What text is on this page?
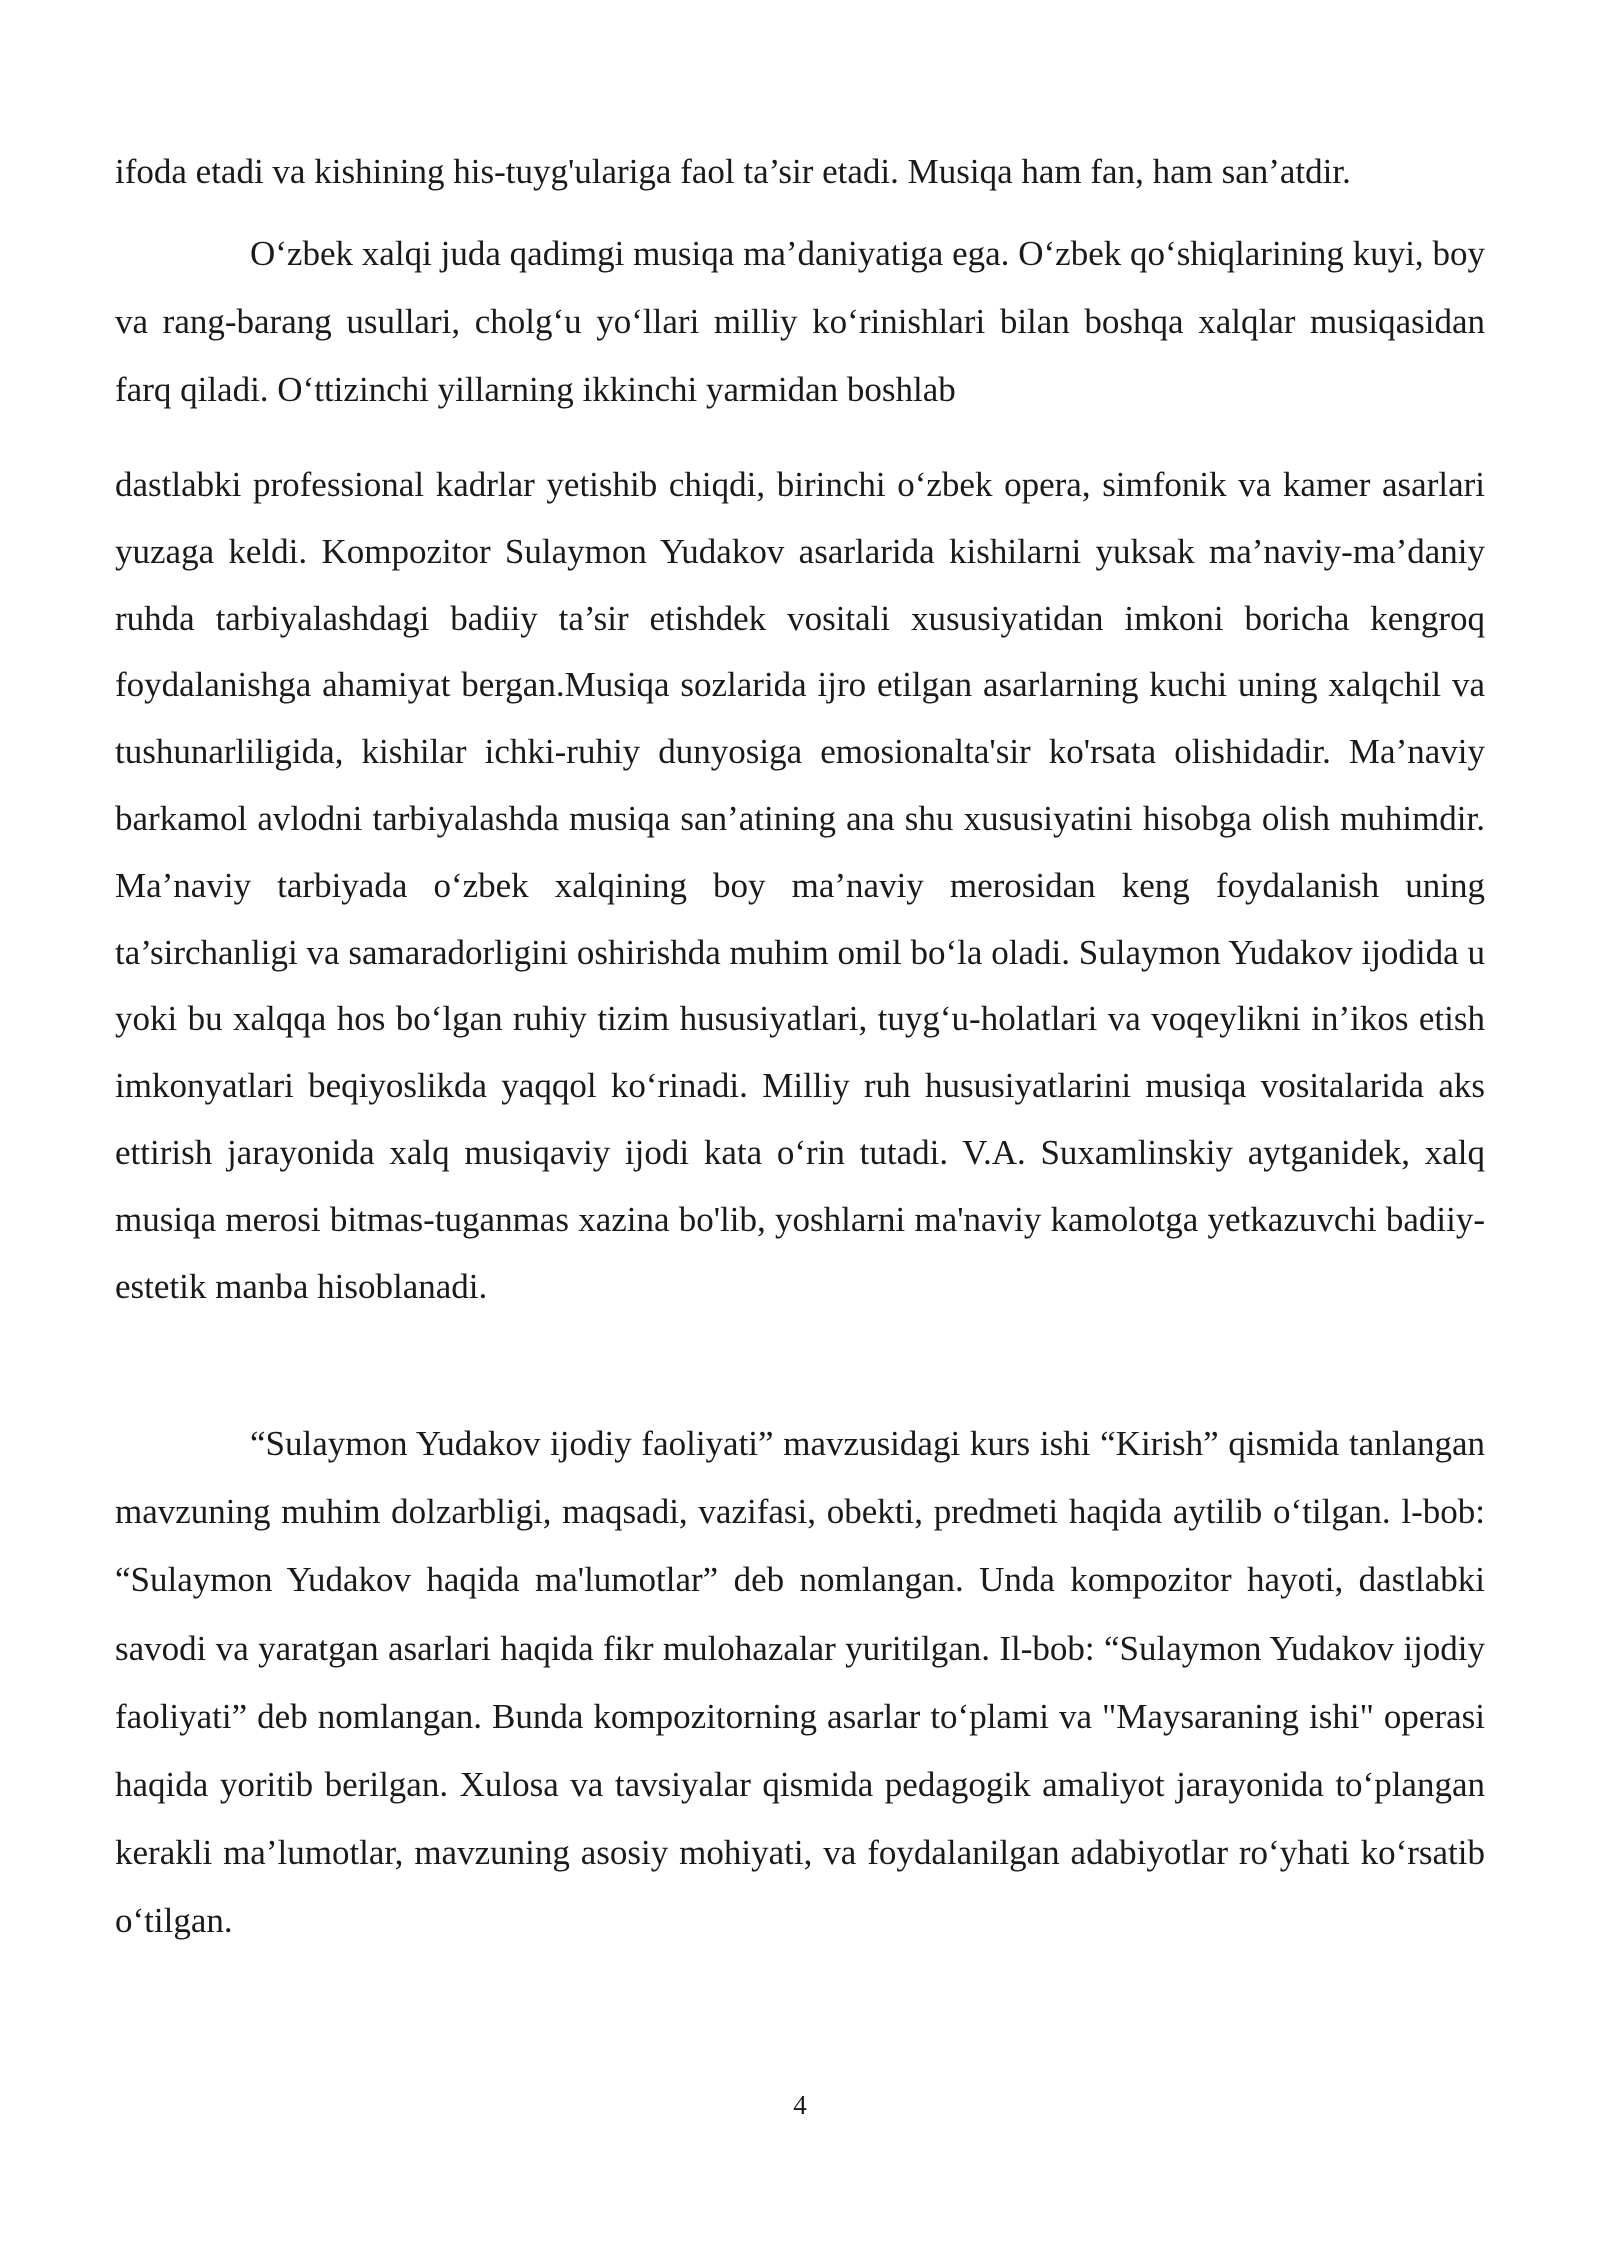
ifoda etadi va kishining his-tuyg'ulariga faol ta’sir etadi. Musiqa ham fan, ham san’atdir.

Oʻzbek xalqi juda qadimgi musiqa ma’daniyatiga ega. Oʻzbek qoʻshiqlarining kuyi, boy va rang-barang usullari, cholgʻu yoʻllari milliy koʻrinishlari bilan boshqa xalqlar musiqasidan farq qiladi. Oʻttizinchi yillarning ikkinchi yarmidan boshlab

dastlabki professional kadrlar yetishib chiqdi, birinchi oʻzbek opera, simfonik va kamer asarlari yuzaga keldi. Kompozitor Sulaymon Yudakov asarlarida kishilarni yuksak ma’naviy-ma’daniy ruhda tarbiyalashdagi badiiy ta’sir etishdek vositali xususiyatidan imkoni boricha kengroq foydalanishga ahamiyat bergan.Musiqa sozlarida ijro etilgan asarlarning kuchi uning xalqchil va tushunarliligida, kishilar ichki-ruhiy dunyosiga emosionalta'sir ko'rsata olishidadir. Ma’naviy barkamol avlodni tarbiyalashda musiqa san’atining ana shu xususiyatini hisobga olish muhimdir. Ma’naviy tarbiyada oʻzbek xalqining boy ma’naviy merosidan keng foydalanish uning ta’sirchanligi va samaradorligini oshirishda muhim omil boʻla oladi. Sulaymon Yudakov ijodida u yoki bu xalqqa hos boʻlgan ruhiy tizim hususiyatlari, tuygʻu-holatlari va voqeylikni in’ikos etish imkonyatlari beqiyoslikda yaqqol koʻrinadi. Milliy ruh hususiyatlarini musiqa vositalarida aks ettirish jarayonida xalq musiqaviy ijodi kata oʻrin tutadi. V.A. Suxamlinskiy aytganidek, xalq musiqa merosi bitmas-tuganmas xazina bo'lib, yoshlarni ma'naviy kamolotga yetkazuvchi badiiy-estetik manba hisoblanadi.

“Sulaymon Yudakov ijodiy faoliyati” mavzusidagi kurs ishi “Kirish” qismida tanlangan mavzuning muhim dolzarbligi, maqsadi, vazifasi, obekti, predmeti haqida aytilib oʻtilgan. l-bob: “Sulaymon Yudakov haqida ma'lumotlar” deb nomlangan. Unda kompozitor hayoti, dastlabki savodi va yaratgan asarlari haqida fikr mulohazalar yuritilgan. Il-bob: “Sulaymon Yudakov ijodiy faoliyati” deb nomlangan. Bunda kompozitorning asarlar toʻplami va "Maysaraning ishi" operasi haqida yoritib berilgan. Xulosa va tavsiyalar qismida pedagogik amaliyot jarayonida toʻplangan kerakli ma’lumotlar, mavzuning asosiy mohiyati, va foydalanilgan adabiyotlar roʻyhati koʻrsatib oʻtilgan.

4
